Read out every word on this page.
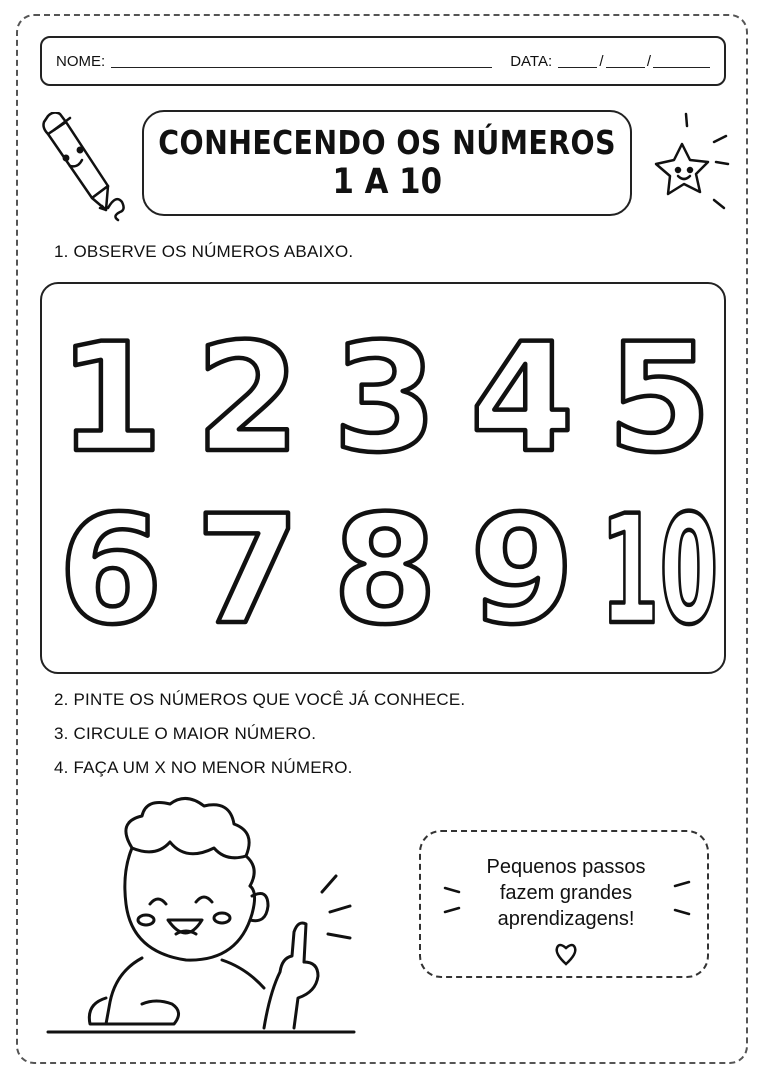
NOME:	DATA:	/	/
CONHECENDO OS NÚMEROS
1 A 10
1. OBSERVE OS NÚMEROS ABAIXO.
1 2 3 4 5
6 7 8 9 10
2. PINTE OS NÚMEROS QUE VOCÊ JÁ CONHECE.
3. CIRCULE O MAIOR NÚMERO.
4. FAÇA UM X NO MENOR NÚMERO.
Pequenos passos
fazem grandes
aprendizagens!
